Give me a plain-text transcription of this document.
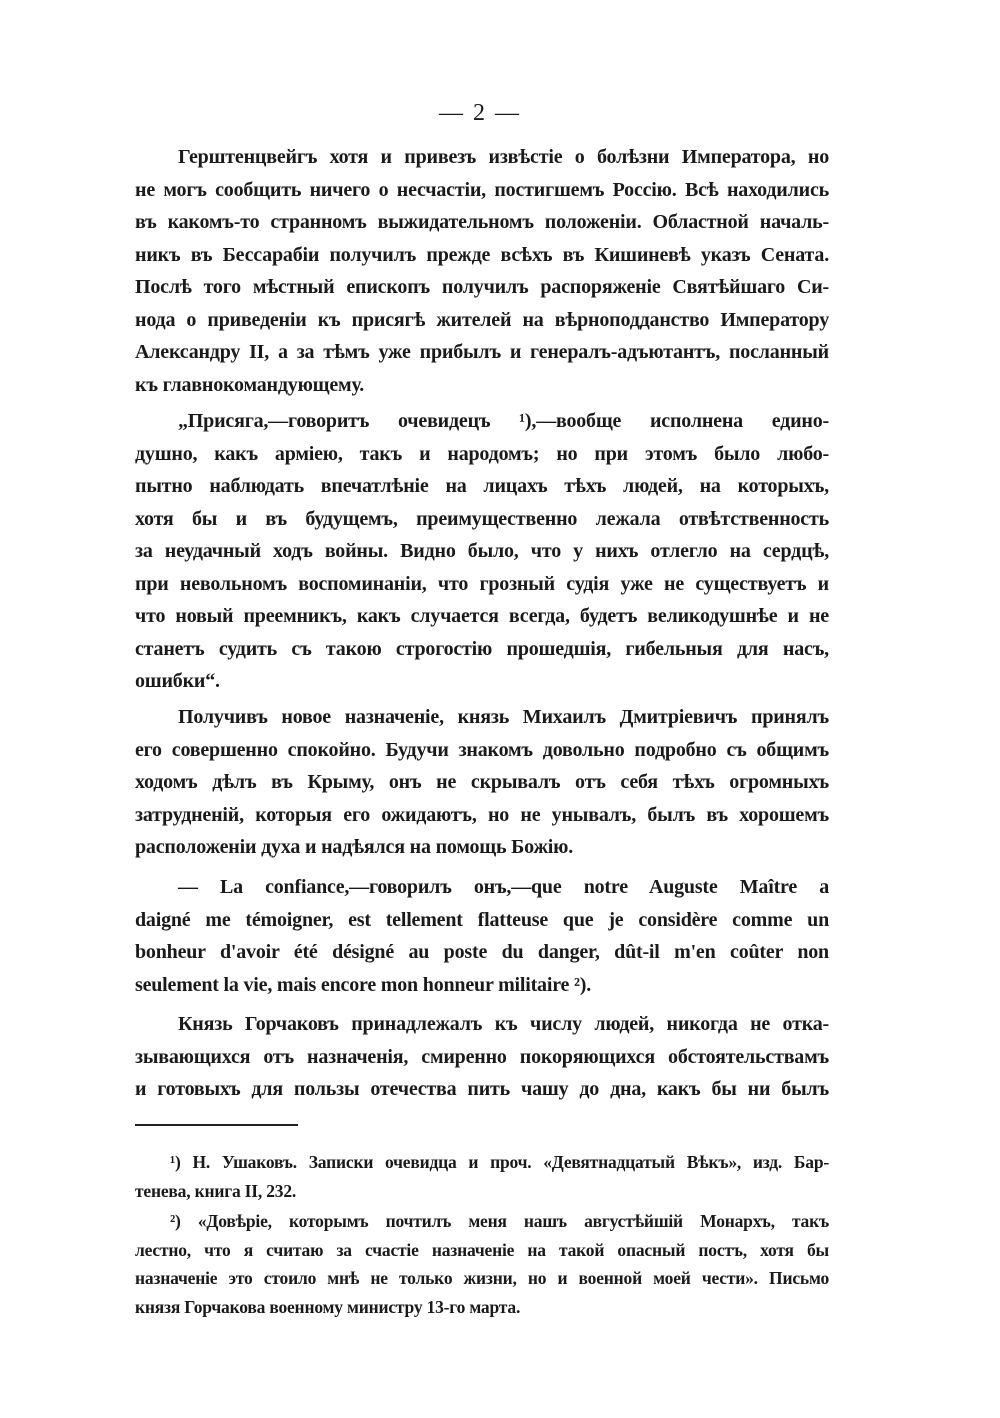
— 2 —
Герштенцвейгъ хотя и привезъ извѣстіе о болѣзни Императора, но
не могъ сообщить ничего о несчастіи, постигшемъ Россію. Всѣ находились
въ какомъ-то странномъ выжидательномъ положеніи. Областной началь-
никъ въ Бессарабіи получилъ прежде всѣхъ въ Кишиневѣ указъ Сената.
Послѣ того мѣстный епископъ получилъ распоряженіе Святѣйшаго Си-
нода о приведеніи къ присягѣ жителей на вѣрноподданство Императору
Александру II, а за тѣмъ уже прибылъ и генералъ-адъютантъ, посланный
къ главнокомандующему.
„Присяга,—говоритъ очевидецъ ¹),—вообще исполнена едино-
душно, какъ арміею, такъ и народомъ; но при этомъ было любо-
пытно наблюдать впечатлѣніе на лицахъ тѣхъ людей, на которыхъ,
хотя бы и въ будущемъ, преимущественно лежала отвѣтственность
за неудачный ходъ войны. Видно было, что у нихъ отлегло на сердцѣ,
при невольномъ воспоминаніи, что грозный судія уже не существуетъ и
что новый преемникъ, какъ случается всегда, будетъ великодушнѣе и не
станетъ судить съ такою строгостію прошедшія, гибельныя для насъ,
ошибки“.
Получивъ новое назначеніе, князь Михаилъ Дмитріевичъ принялъ
его совершенно спокойно. Будучи знакомъ довольно подробно съ общимъ
ходомъ дѣлъ въ Крыму, онъ не скрывалъ отъ себя тѣхъ огромныхъ
затрудненій, которыя его ожидаютъ, но не унывалъ, былъ въ хорошемъ
расположеніи духа и надѣялся на помощь Божію.
— La confiance,—говорилъ онъ,—que notre Auguste Maître a
daigné me témoigner, est tellement flatteuse que je considère comme un
bonheur d'avoir été désigné au poste du danger, dût-il m'en coûter non
seulement la vie, mais encore mon honneur militaire ²).
Князь Горчаковъ принадлежалъ къ числу людей, никогда не отка-
зывающихся отъ назначенія, смиренно покоряющихся обстоятельствамъ
и готовыхъ для пользы отечества пить чашу до дна, какъ бы ни былъ
¹) Н. Ушаковъ. Записки очевидца и проч. «Девятнадцатый Вѣкъ», изд. Бар-
тенева, книга II, 232.
²) «Довѣріе, которымъ почтилъ меня нашъ августѣйшій Монархъ, такъ
лестно, что я считаю за счастіе назначеніе на такой опасный постъ, хотя бы
назначеніе это стоило мнѣ не только жизни, но и военной моей чести». Письмо
князя Горчакова военному министру 13-го марта.
